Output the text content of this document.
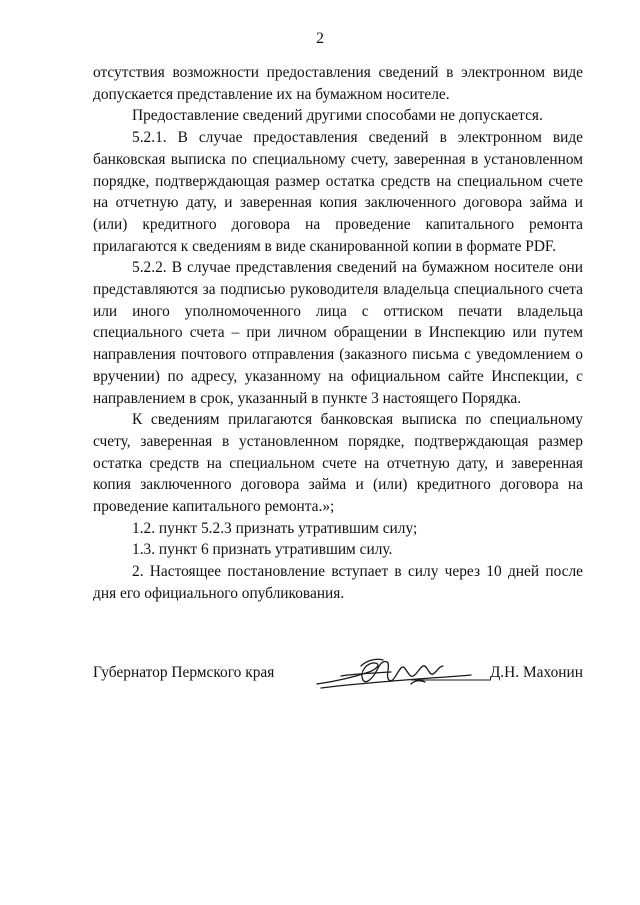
2

отсутствия возможности предоставления сведений в электронном виде допускается представление их на бумажном носителе.

Предоставление сведений другими способами не допускается.

5.2.1. В случае предоставления сведений в электронном виде банковская выписка по специальному счету, заверенная в установленном порядке, подтверждающая размер остатка средств на специальном счете на отчетную дату, и заверенная копия заключенного договора займа и (или) кредитного договора на проведение капитального ремонта прилагаются к сведениям в виде сканированной копии в формате PDF.

5.2.2. В случае представления сведений на бумажном носителе они представляются за подписью руководителя владельца специального счета или иного уполномоченного лица с оттиском печати владельца специального счета – при личном обращении в Инспекцию или путем направления почтового отправления (заказного письма с уведомлением о вручении) по адресу, указанному на официальном сайте Инспекции, с направлением в срок, указанный в пункте 3 настоящего Порядка.

К сведениям прилагаются банковская выписка по специальному счету, заверенная в установленном порядке, подтверждающая размер остатка средств на специальном счете на отчетную дату, и заверенная копия заключенного договора займа и (или) кредитного договора на проведение капитального ремонта.»;

1.2. пункт 5.2.3 признать утратившим силу;

1.3. пункт 6 признать утратившим силу.

2. Настоящее постановление вступает в силу через 10 дней после дня его официального опубликования.

Губернатор Пермского края	Д.Н. Махонин
